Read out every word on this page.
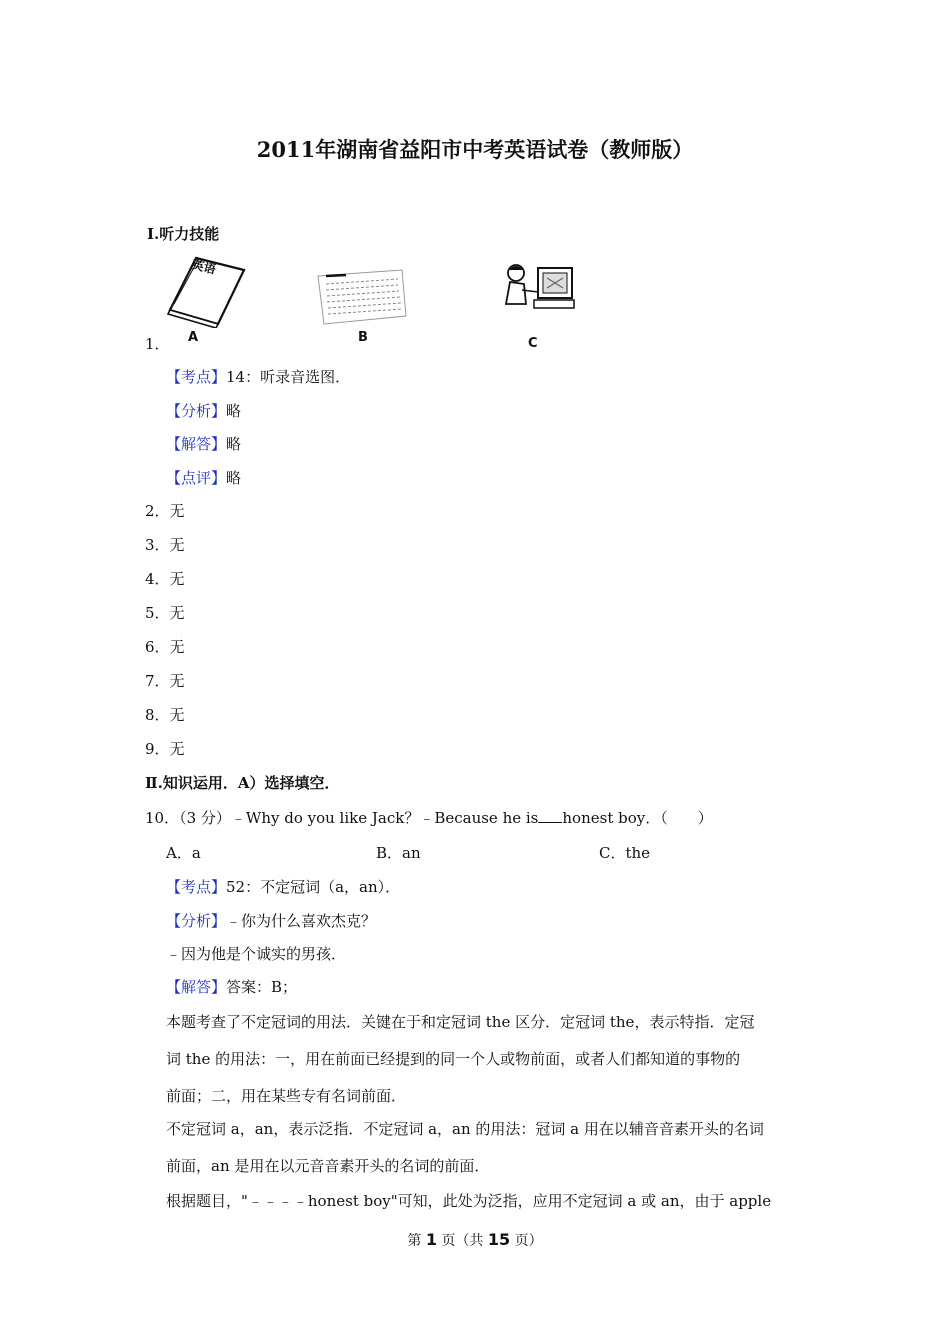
2011年湖南省益阳市中考英语试卷（教师版）
Ⅰ.听力技能
英语
A	B	C
1．
【考点】14：听录音选图．
【分析】略
【解答】略
【点评】略
2．无
3．无
4．无
5．无
6．无
7．无
8．无
9．无
Ⅱ.知识运用．A）选择填空．
10．（3 分）﹣Why do you like Jack？﹣Because he is honest boy．（　　）
A．a	B．an	C．the
【考点】52：不定冠词（a，an）．
【分析】﹣你为什么喜欢杰克？
﹣因为他是个诚实的男孩．
【解答】答案：B；
本题考查了不定冠词的用法．关键在于和定冠词 the 区分．定冠词 the，表示特指．定冠
词 the 的用法：一，用在前面已经提到的同一个人或物前面，或者人们都知道的事物的
前面；二，用在某些专有名词前面．
不定冠词 a，an，表示泛指．不定冠词 a，an 的用法：冠词 a 用在以辅音音素开头的名词
前面，an 是用在以元音音素开头的名词的前面．
根据题目，"﹣﹣﹣﹣honest boy"可知，此处为泛指，应用不定冠词 a 或 an，由于 apple
第 1 页（共 15 页）
